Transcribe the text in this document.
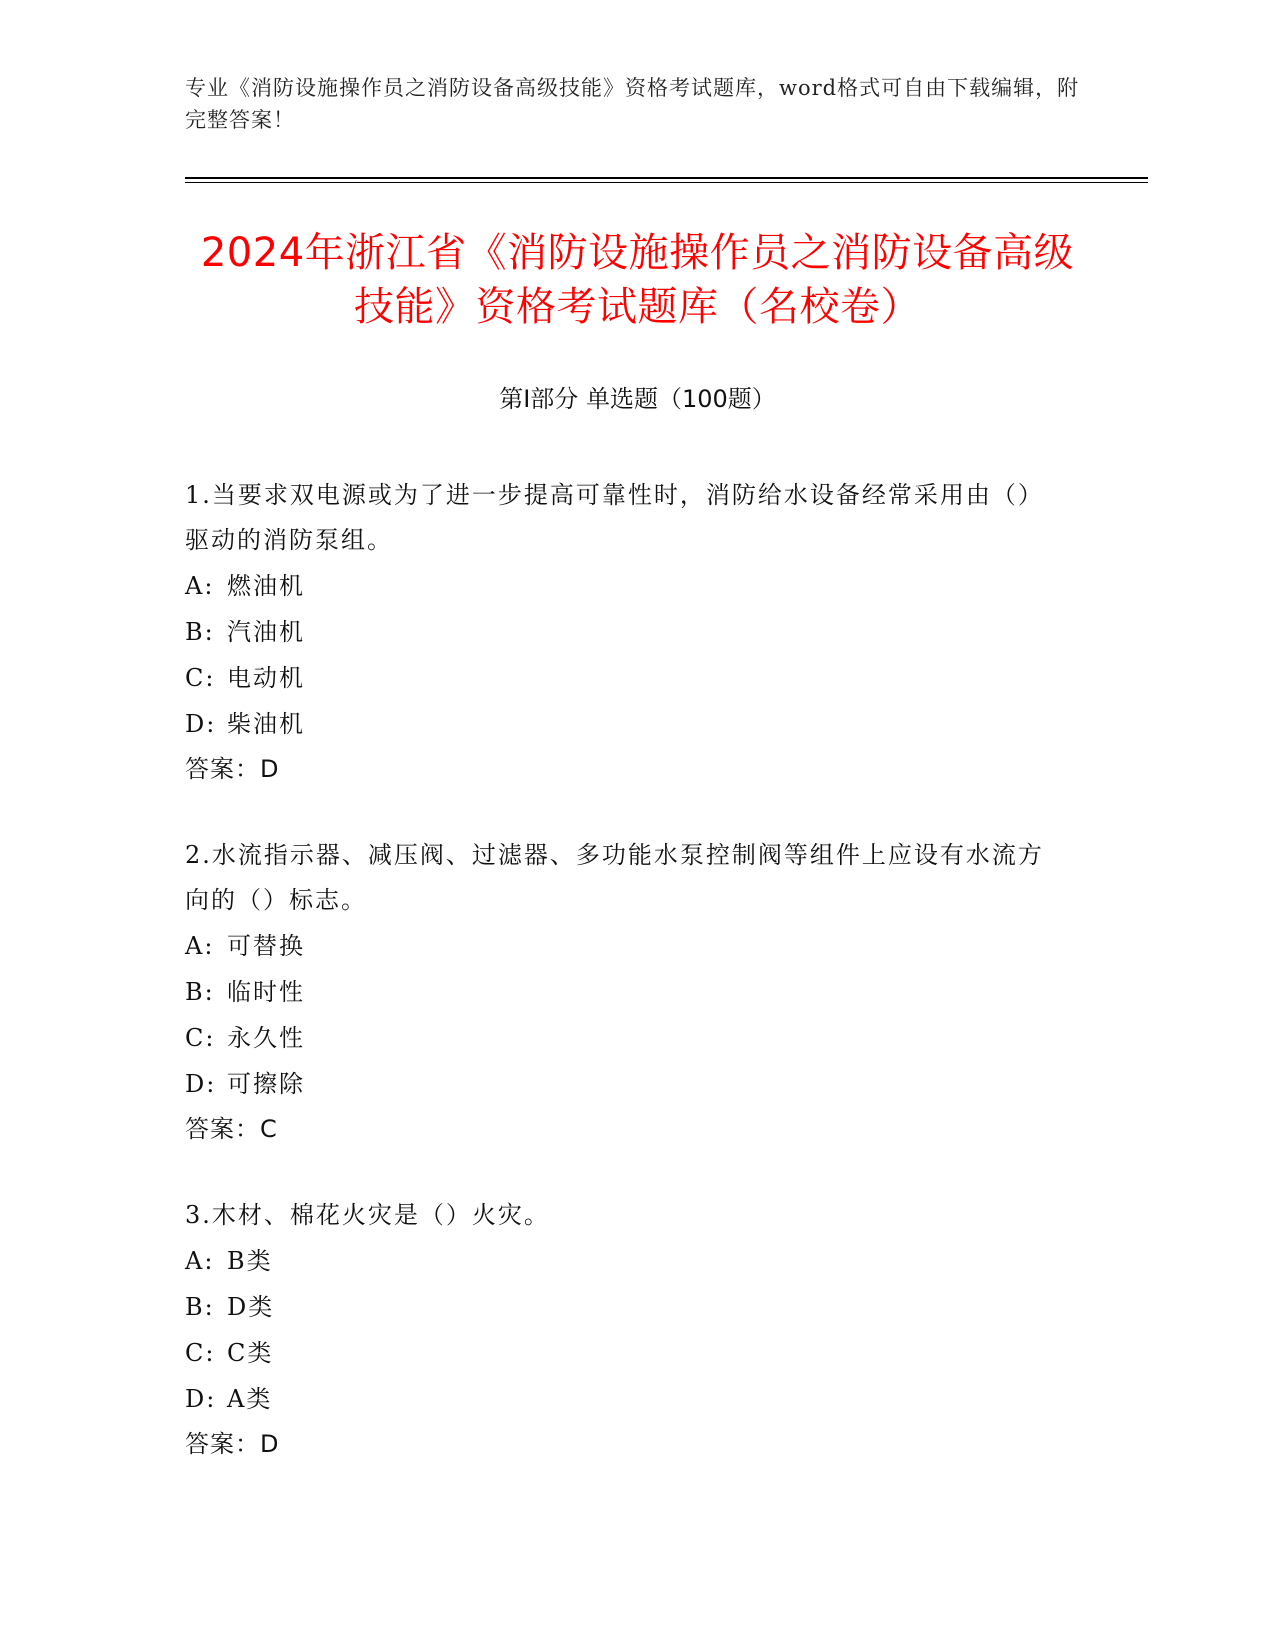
专业《消防设施操作员之消防设备高级技能》资格考试题库，word格式可自由下载编辑，附完整答案！
2024年浙江省《消防设施操作员之消防设备高级技能》资格考试题库（名校卷）
第I部分 单选题（100题）

1.当要求双电源或为了进一步提高可靠性时，消防给水设备经常采用由（）驱动的消防泵组。

A: 燃油机

B: 汽油机

C: 电动机

D: 柴油机

答案：D

2.水流指示器、减压阀、过滤器、多功能水泵控制阀等组件上应设有水流方向的（）标志。

A: 可替换

B: 临时性

C: 永久性

D: 可擦除

答案：C

3.木材、棉花火灾是（）火灾。

A: B类

B: D类

C: C类

D: A类

答案：D
